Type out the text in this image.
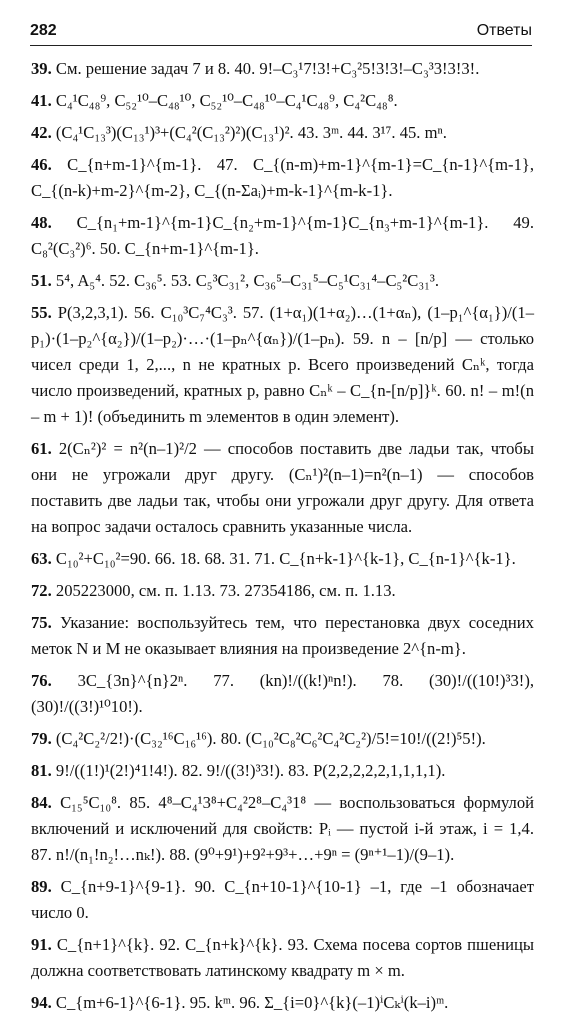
282	Ответы

39. См. решение задач 7 и 8. 40. 9!–C₃¹7!3!+C₃²5!3!3!–C₃³3!3!3!.

41. C₄¹C₄₈⁹, C₅₂¹⁰–C₄₈¹⁰, C₅₂¹⁰–C₄₈¹⁰–C₄¹C₄₈⁹, C₄²C₄₈⁸.

42. (C₄¹C₁₃³)(C₁₃¹)³+(C₄²(C₁₃²)²)(C₁₃¹)². 43. 3ᵐ. 44. 3¹⁷. 45. mⁿ.

46. C_{n+m-1}^{m-1}. 47. C_{(n-m)+m-1}^{m-1}=C_{n-1}^{m-1}, C_{(n-k)+m-2}^{m-2}, C_{(n-Σaᵢ)+m-k-1}^{m-k-1}.

48. C_{n₁+m-1}^{m-1}C_{n₂+m-1}^{m-1}C_{n₃+m-1}^{m-1}. 49. C₈²(C₃²)⁶. 50. C_{n+m-1}^{m-1}.

51. 5⁴, A₅⁴. 52. C₃₆⁵. 53. C₅³C₃₁², C₃₆⁵–C₃₁⁵–C₅¹C₃₁⁴–C₅²C₃₁³.

55. P(3,2,3,1). 56. C₁₀³C₇⁴C₃³. 57. (1+α₁)(1+α₂)…(1+αₙ), (1–p₁^{α₁})/(1–p₁)·(1–p₂^{α₂})/(1–p₂)·…·(1–pₙ^{αₙ})/(1–pₙ). 59. n – [n/p] — столько чисел среди 1, 2,..., n не кратных p. Всего произведений Cₙᵏ, тогда число произведений, кратных p, равно Cₙᵏ – C_{n-[n/p]}ᵏ. 60. n! – m!(n – m + 1)! (объединить m элементов в один элемент).

61. 2(Cₙ²)² = n²(n–1)²/2 — способов поставить две ладьи так, чтобы они не угрожали друг другу. (Cₙ¹)²(n–1)=n²(n–1) — способов поставить две ладьи так, чтобы они угрожали друг другу. Для ответа на вопрос задачи осталось сравнить указанные числа.

63. C₁₀²+C₁₀²=90. 66. 18. 68. 31. 71. C_{n+k-1}^{k-1}, C_{n-1}^{k-1}.

72. 205223000, см. п. 1.13. 73. 27354186, см. п. 1.13.

75. Указание: воспользуйтесь тем, что перестановка двух соседних меток N и M не оказывает влияния на произведение 2^{n-m}.

76. 3C_{3n}^{n}2ⁿ. 77. (kn)!/((k!)ⁿn!). 78. (30)!/((10!)³3!), (30)!/((3!)¹⁰10!).

79. (C₄²C₂²/2!)·(C₃₂¹⁶C₁₆¹⁶). 80. (C₁₀²C₈²C₆²C₄²C₂²)/5!=10!/((2!)⁵5!).

81. 9!/((1!)¹(2!)⁴1!4!). 82. 9!/((3!)³3!). 83. P(2,2,2,2,2,1,1,1,1).

84. C₁₅⁵C₁₀⁸. 85. 4⁸–C₄¹3⁸+C₄²2⁸–C₄³1⁸ — воспользоваться формулой включений и исключений для свойств: Pᵢ — пустой i-й этаж, i = 1,4. 87. n!/(n₁!n₂!…nₖ!). 88. (9⁰+9¹)+9²+9³+…+9ⁿ = (9ⁿ⁺¹–1)/(9–1).

89. C_{n+9-1}^{9-1}. 90. C_{n+10-1}^{10-1} –1, где –1 обозначает число 0.

91. C_{n+1}^{k}. 92. C_{n+k}^{k}. 93. Схема посева сортов пшеницы должна соответствовать латинскому квадрату m × m.

94. C_{m+6-1}^{6-1}. 95. kᵐ. 96. Σ_{i=0}^{k}(–1)ⁱCₖⁱ(k–i)ᵐ.
